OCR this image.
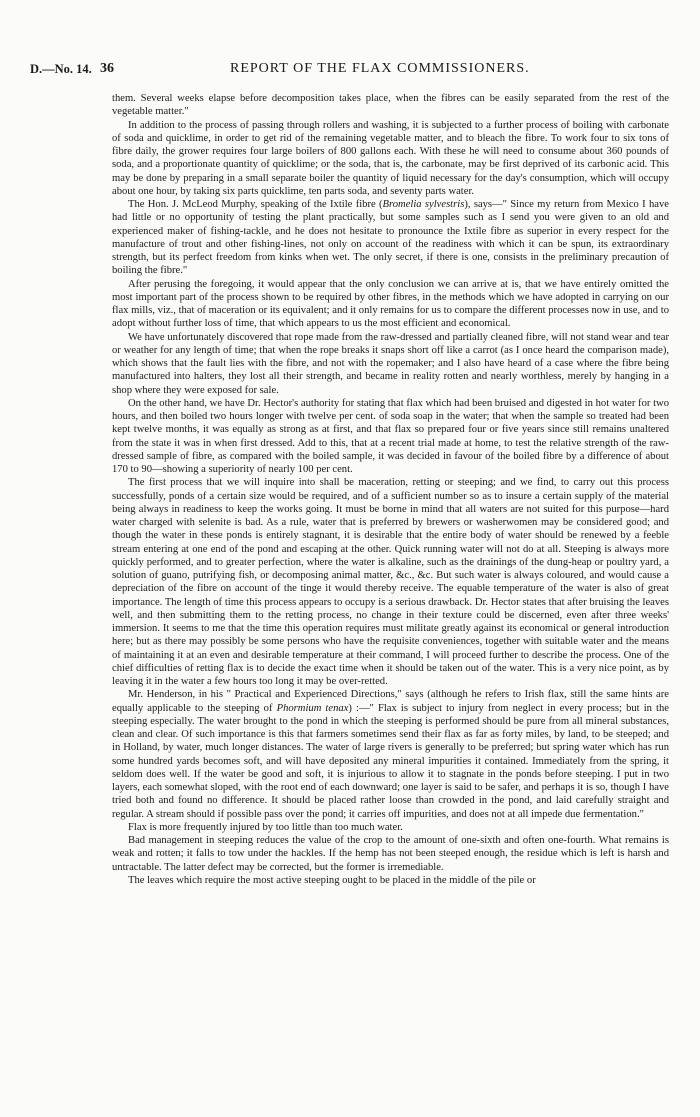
D.—No. 14. 36	REPORT OF THE FLAX COMMISSIONERS.

them. Several weeks elapse before decomposition takes place, when the fibres can be easily separated from the rest of the vegetable matter."

In addition to the process of passing through rollers and washing, it is subjected to a further process of boiling with carbonate of soda and quicklime, in order to get rid of the remaining vegetable matter, and to bleach the fibre. To work four to six tons of fibre daily, the grower requires four large boilers of 800 gallons each. With these he will need to consume about 360 pounds of soda, and a proportionate quantity of quicklime; or the soda, that is, the carbonate, may be first deprived of its carbonic acid. This may be done by preparing in a small separate boiler the quantity of liquid necessary for the day's consumption, which will occupy about one hour, by taking six parts quicklime, ten parts soda, and seventy parts water.

The Hon. J. McLeod Murphy, speaking of the Ixtile fibre (Bromelia sylvestris), says—" Since my return from Mexico I have had little or no opportunity of testing the plant practically, but some samples such as I send you were given to an old and experienced maker of fishing-tackle, and he does not hesitate to pronounce the Ixtile fibre as superior in every respect for the manufacture of trout and other fishing-lines, not only on account of the readiness with which it can be spun, its extraordinary strength, but its perfect freedom from kinks when wet. The only secret, if there is one, consists in the preliminary precaution of boiling the fibre."

After perusing the foregoing, it would appear that the only conclusion we can arrive at is, that we have entirely omitted the most important part of the process shown to be required by other fibres, in the methods which we have adopted in carrying on our flax mills, viz., that of maceration or its equivalent; and it only remains for us to compare the different processes now in use, and to adopt without further loss of time, that which appears to us the most efficient and economical.

We have unfortunately discovered that rope made from the raw-dressed and partially cleaned fibre, will not stand wear and tear or weather for any length of time; that when the rope breaks it snaps short off like a carrot (as I once heard the comparison made), which shows that the fault lies with the fibre, and not with the ropemaker; and I also have heard of a case where the fibre being manufactured into halters, they lost all their strength, and became in reality rotten and nearly worthless, merely by hanging in a shop where they were exposed for sale.

On the other hand, we have Dr. Hector's authority for stating that flax which had been bruised and digested in hot water for two hours, and then boiled two hours longer with twelve per cent. of soda soap in the water; that when the sample so treated had been kept twelve months, it was equally as strong as at first, and that flax so prepared four or five years since still remains unaltered from the state it was in when first dressed. Add to this, that at a recent trial made at home, to test the relative strength of the raw-dressed sample of fibre, as compared with the boiled sample, it was decided in favour of the boiled fibre by a difference of about 170 to 90—showing a superiority of nearly 100 per cent.

The first process that we will inquire into shall be maceration, retting or steeping; and we find, to carry out this process successfully, ponds of a certain size would be required, and of a sufficient number so as to insure a certain supply of the material being always in readiness to keep the works going. It must be borne in mind that all waters are not suited for this purpose—hard water charged with selenite is bad. As a rule, water that is preferred by brewers or washerwomen may be considered good; and though the water in these ponds is entirely stagnant, it is desirable that the entire body of water should be renewed by a feeble stream entering at one end of the pond and escaping at the other. Quick running water will not do at all. Steeping is always more quickly performed, and to greater perfection, where the water is alkaline, such as the drainings of the dung-heap or poultry yard, a solution of guano, putrifying fish, or decomposing animal matter, &c., &c. But such water is always coloured, and would cause a depreciation of the fibre on account of the tinge it would thereby receive. The equable temperature of the water is also of great importance. The length of time this process appears to occupy is a serious drawback. Dr. Hector states that after bruising the leaves well, and then submitting them to the retting process, no change in their texture could be discerned, even after three weeks' immersion. It seems to me that the time this operation requires must militate greatly against its economical or general introduction here; but as there may possibly be some persons who have the requisite conveniences, together with suitable water and the means of maintaining it at an even and desirable temperature at their command, I will proceed further to describe the process. One of the chief difficulties of retting flax is to decide the exact time when it should be taken out of the water. This is a very nice point, as by leaving it in the water a few hours too long it may be over-retted.

Mr. Henderson, in his " Practical and Experienced Directions," says (although he refers to Irish flax, still the same hints are equally applicable to the steeping of Phormium tenax) :—" Flax is subject to injury from neglect in every process; but in the steeping especially. The water brought to the pond in which the steeping is performed should be pure from all mineral substances, clean and clear. Of such importance is this that farmers sometimes send their flax as far as forty miles, by land, to be steeped; and in Holland, by water, much longer distances. The water of large rivers is generally to be preferred; but spring water which has run some hundred yards becomes soft, and will have deposited any mineral impurities it contained. Immediately from the spring, it seldom does well. If the water be good and soft, it is injurious to allow it to stagnate in the ponds before steeping. I put in two layers, each somewhat sloped, with the root end of each downward; one layer is said to be safer, and perhaps it is so, though I have tried both and found no difference. It should be placed rather loose than crowded in the pond, and laid carefully straight and regular. A stream should if possible pass over the pond; it carries off impurities, and does not at all impede due fermentation."

Flax is more frequently injured by too little than too much water.

Bad management in steeping reduces the value of the crop to the amount of one-sixth and often one-fourth. What remains is weak and rotten; it falls to tow under the hackles. If the hemp has not been steeped enough, the residue which is left is harsh and untractable. The latter defect may be corrected, but the former is irremediable.

The leaves which require the most active steeping ought to be placed in the middle of the pile or
